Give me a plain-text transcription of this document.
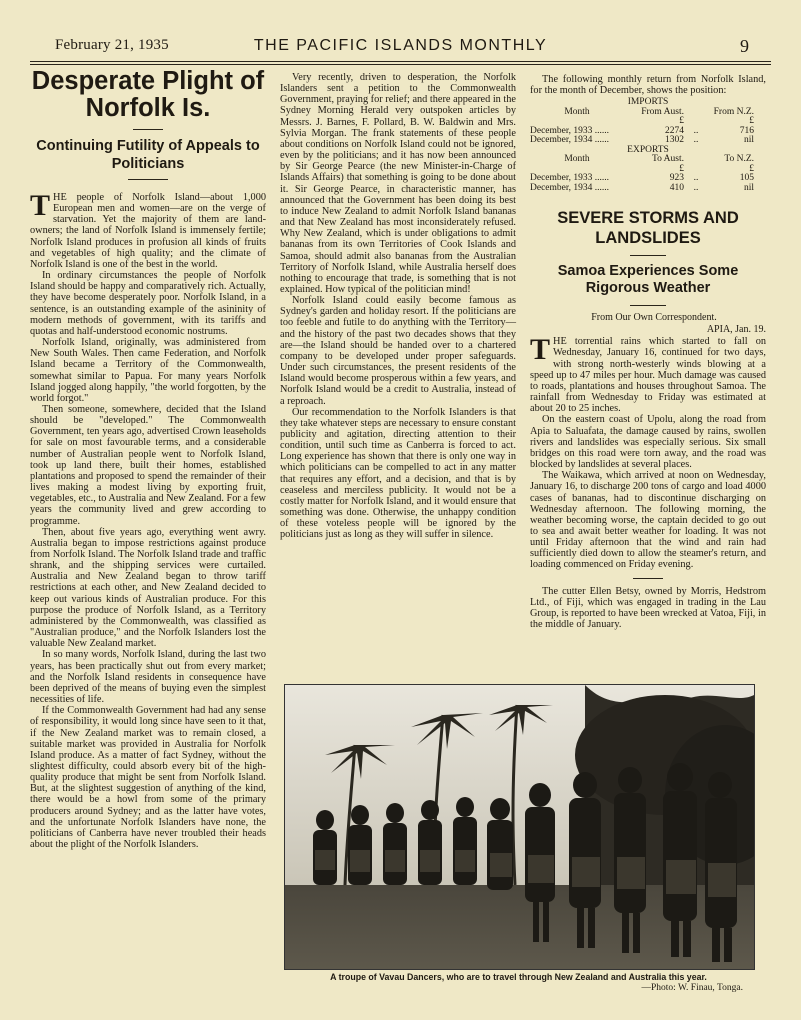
February 21, 1935	THE PACIFIC ISLANDS MONTHLY	9
Desperate Plight of Norfolk Is.
Continuing Futility of Appeals to Politicians

THE people of Norfolk Island—about 1,000 European men and women—are on the verge of starvation. Yet the majority of them are land-owners; the land of Norfolk Island is immensely fertile; Norfolk Island produces in profusion all kinds of fruits and vegetables of high quality; and the climate of Norfolk Island is one of the best in the world.

In ordinary circumstances the people of Norfolk Island should be happy and comparatively rich. Actually, they have become desperately poor. Norfolk Island, in a sentence, is an outstanding example of the asininity of modern methods of government, with its tariffs and quotas and half-understood economic nostrums.

Norfolk Island, originally, was administered from New South Wales. Then came Federation, and Norfolk Island became a Territory of the Commonwealth, somewhat similar to Papua. For many years Norfolk Island jogged along happily, "the world forgotten, by the world forgot."

Then someone, somewhere, decided that the Island should be "developed." The Commonwealth Government, ten years ago, advertised Crown leaseholds for sale on most favourable terms, and a considerable number of Australian people went to Norfolk Island, took up land there, built their homes, established plantations and proposed to spend the remainder of their lives making a modest living by exporting fruit, vegetables, etc., to Australia and New Zealand. For a few years the community lived and grew according to programme.

Then, about five years ago, everything went awry. Australia began to impose restrictions against produce from Norfolk Island. The Norfolk Island trade and traffic shrank, and the shipping services were curtailed. Australia and New Zealand began to throw tariff restrictions at each other, and New Zealand decided to keep out various kinds of Australian produce. For this purpose the produce of Norfolk Island, as a Territory administered by the Commonwealth, was classified as "Australian produce," and the Norfolk Islanders lost the valuable New Zealand market.

In so many words, Norfolk Island, during the last two years, has been practically shut out from every market; and the Norfolk Island residents in consequence have been deprived of the means of buying even the simplest necessities of life.

If the Commonwealth Government had had any sense of responsibility, it would long since have seen to it that, if the New Zealand market was to remain closed, a suitable market was provided in Australia for Norfolk Island produce. As a matter of fact Sydney, without the slightest difficulty, could absorb every bit of the high-quality produce that might be sent from Norfolk Island. But, at the slightest suggestion of anything of the kind, there would be a howl from some of the primary producers around Sydney; and as the latter have votes, and the unfortunate Norfolk Islanders have none, the politicians of Canberra have never troubled their heads about the plight of the Norfolk Islanders.

Very recently, driven to desperation, the Norfolk Islanders sent a petition to the Commonwealth Government, praying for relief; and there appeared in the Sydney Morning Herald very outspoken articles by Messrs. J. Barnes, F. Pollard, B. W. Baldwin and Mrs. Sylvia Morgan. The frank statements of these people about conditions on Norfolk Island could not be ignored, even by the politicians; and it has now been announced by Sir George Pearce (the new Minister-in-Charge of Islands Affairs) that something is going to be done about it. Sir George Pearce, in characteristic manner, has announced that the Government has been doing its best to induce New Zealand to admit Norfolk Island bananas and that New Zealand has most inconsiderately refused. Why New Zealand, which is under obligations to admit bananas from its own Territories of Cook Islands and Samoa, should admit also bananas from the Australian Territory of Norfolk Island, while Australia herself does nothing to encourage that trade, is something that is not explained. How typical of the politician mind!

Norfolk Island could easily become famous as Sydney's garden and holiday resort. If the politicians are too feeble and futile to do anything with the Territory—and the history of the past two decades shows that they are—the Island should be handed over to a chartered company to be developed under proper safeguards. Under such circumstances, the present residents of the Island would become prosperous within a few years, and Norfolk Island would be a credit to Australia, instead of a reproach.

Our recommendation to the Norfolk Islanders is that they take whatever steps are necessary to ensure constant publicity and agitation, directing attention to their condition, until such time as Canberra is forced to act. Long experience has shown that there is only one way in which politicians can be compelled to act in any matter that requires any effort, and a decision, and that is by ceaseless and merciless publicity. It would not be a costly matter for Norfolk Island, and it would ensure that something was done. Otherwise, the unhappy condition of these voteless people will be ignored by the politicians just as long as they will suffer in silence.

The following monthly return from Norfolk Island, for the month of December, shows the position:

IMPORTS
Month	From Aust.	From N.Z.
£	£
December, 1933 ......	2274	..	716
December, 1934 ......	1302	..	nil
EXPORTS
Month	To Aust.	To N.Z.
£	£
December, 1933 ......	923	..	105
December, 1934 ......	410	..	nil
SEVERE STORMS AND LANDSLIDES
Samoa Experiences Some Rigorous Weather

From Our Own Correspondent.

APIA, Jan. 19.

THE torrential rains which started to fall on Wednesday, January 16, continued for two days, with strong north-westerly winds blowing at a speed up to 47 miles per hour. Much damage was caused to roads, plantations and houses throughout Samoa. The rainfall from Wednesday to Friday was estimated at about 20 to 25 inches.

On the eastern coast of Upolu, along the road from Apia to Saluafata, the damage caused by rains, swollen rivers and landslides was especially serious. Six small bridges on this road were torn away, and the road was blocked by landslides at several places.

The Waikawa, which arrived at noon on Wednesday, January 16, to discharge 200 tons of cargo and load 4000 cases of bananas, had to discontinue discharging on Wednesday afternoon. The following morning, the weather becoming worse, the captain decided to go out to sea and await better weather for loading. It was not until Friday afternoon that the wind and rain had sufficiently died down to allow the steamer's return, and loading commenced on Friday evening.

The cutter Ellen Betsy, owned by Morris, Hedstrom Ltd., of Fiji, which was engaged in trading in the Lau Group, is reported to have been wrecked at Vatoa, Fiji, in the middle of January.

A troupe of Vavau Dancers, who are to travel through New Zealand and Australia this year.
—Photo: W. Finau, Tonga.
